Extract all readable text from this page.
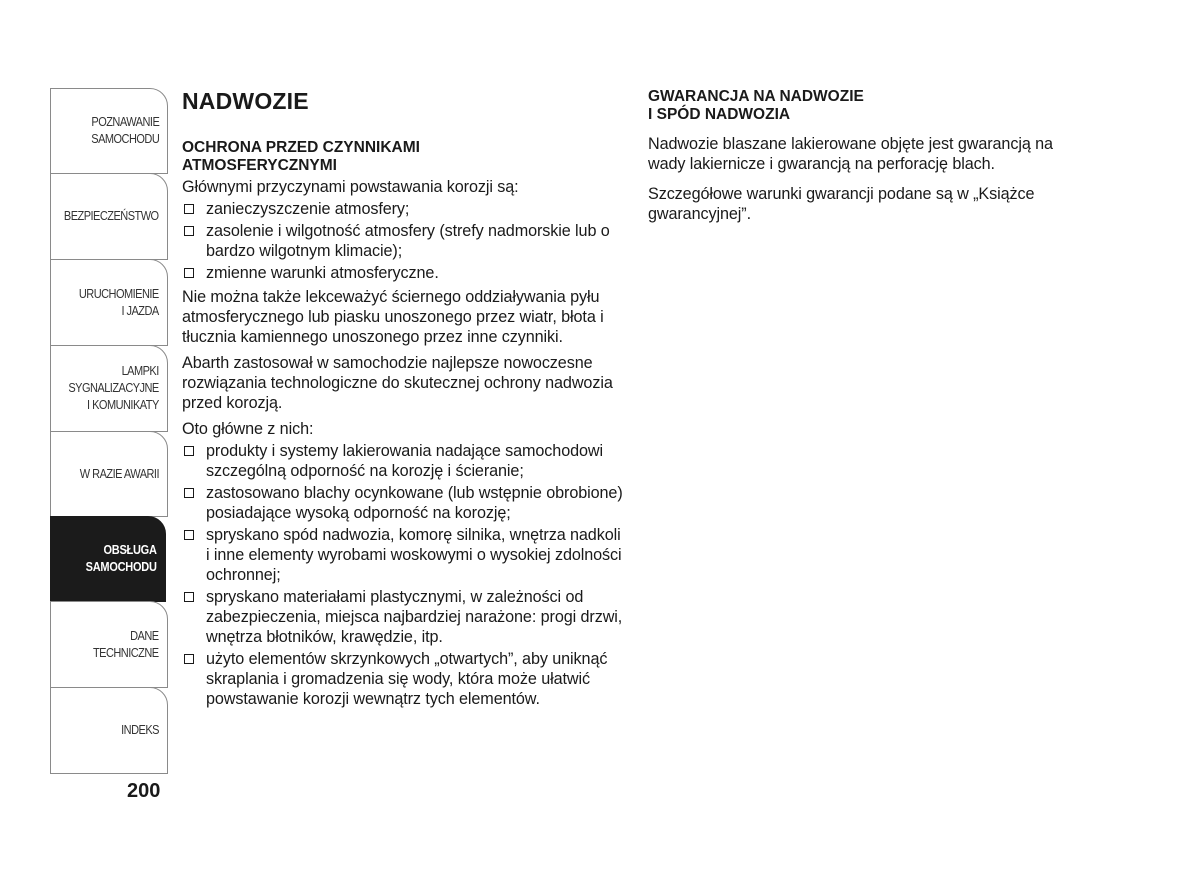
POZNAWANIE
SAMOCHODU
BEZPIECZEŃSTWO
URUCHOMIENIE
I JAZDA
LAMPKI
SYGNALIZACYJNE
I KOMUNIKATY
W RAZIE AWARII
OBSŁUGA
SAMOCHODU
DANE
TECHNICZNE
INDEKS
200
NADWOZIE
OCHRONA PRZED CZYNNIKAMI
ATMOSFERYCZNYMI

Głównymi przyczynami powstawania korozji są:

zanieczyszczenie atmosfery;
zasolenie i wilgotność atmosfery (strefy nadmorskie lub o bardzo wilgotnym klimacie);
zmienne warunki atmosferyczne.

Nie można także lekceważyć ściernego oddziaływania pyłu atmosferycznego lub piasku unoszonego przez wiatr, błota i tłucznia kamiennego unoszonego przez inne czynniki.

Abarth zastosował w samochodzie najlepsze nowoczesne rozwiązania technologiczne do skutecznej ochrony nadwozia przed korozją.

Oto główne z nich:

produkty i systemy lakierowania nadające samochodowi szczególną odporność na korozję i ścieranie;
zastosowano blachy ocynkowane (lub wstępnie obrobione) posiadające wysoką odporność na korozję;
spryskano spód nadwozia, komorę silnika, wnętrza nadkoli i inne elementy wyrobami woskowymi o wysokiej zdolności ochronnej;
spryskano materiałami plastycznymi, w zależności od zabezpieczenia, miejsca najbardziej narażone: progi drzwi, wnętrza błotników, krawędzie, itp.
użyto elementów skrzynkowych „otwartych”, aby uniknąć skraplania i gromadzenia się wody, która może ułatwić powstawanie korozji wewnątrz tych elementów.
GWARANCJA NA NADWOZIE
I SPÓD NADWOZIA

Nadwozie blaszane lakierowane objęte jest gwarancją na wady lakiernicze i gwarancją na perforację blach.

Szczegółowe warunki gwarancji podane są w „Książce gwarancyjnej”.
